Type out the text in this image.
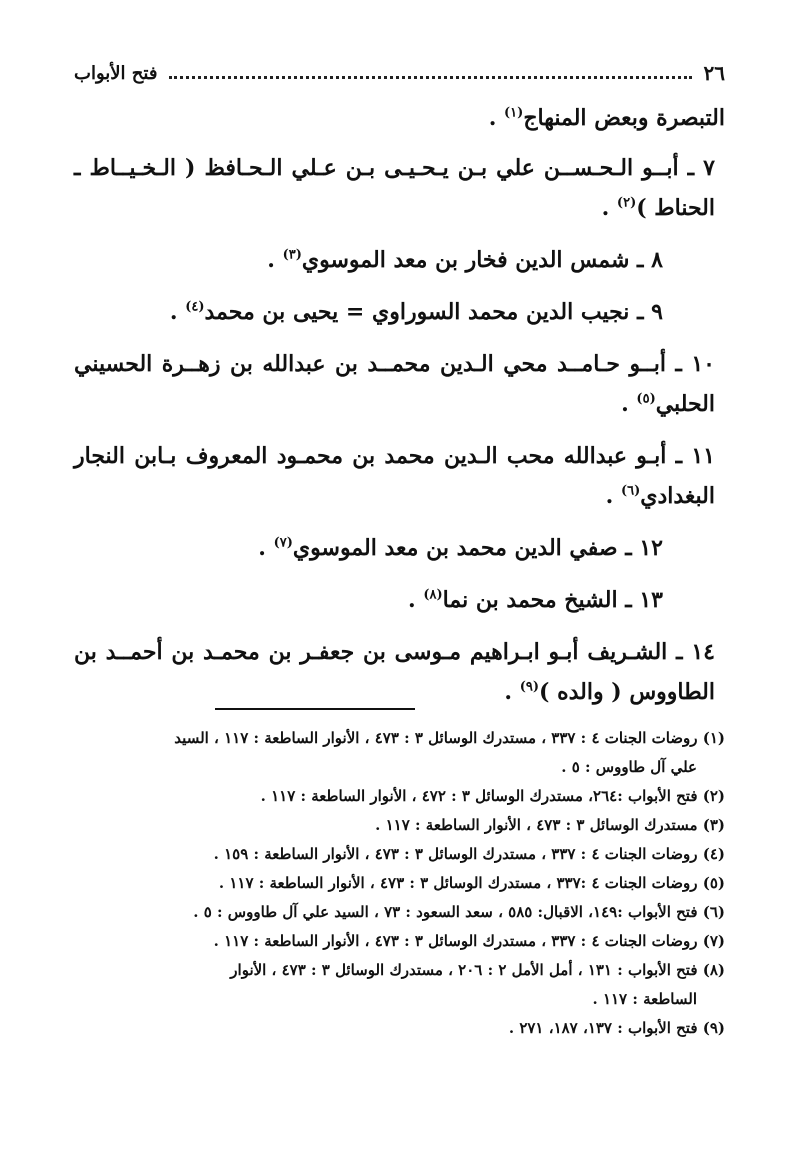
٢٦
فتح الأبواب

التبصرة وبعض المنهاج$^{(١)}$ .

٧ ـ أبــو الـحـســن علي بـن يـحـيـى بـن عـلي الـحـافظ ( الـخـيــاط ـ الحناط )$^{(٢)}$ .

٨ ـ شمس الدين فخار بن معد الموسوي$^{(٣)}$ .

٩ ـ نجيب الدين محمد السوراوي = يحيى بن محمد$^{(٤)}$ .

١٠ ـ أبــو حـامــد محي الـدين محمــد بن عبدالله بن زهــرة الحسيني الحلبي$^{(٥)}$ .

١١ ـ أبـو عبدالله محب الـدين محمد بن محمـود المعروف بـابن النجار البغدادي$^{(٦)}$ .

١٢ ـ صفي الدين محمد بن معد الموسوي$^{(٧)}$ .

١٣ ـ الشيخ محمد بن نما$^{(٨)}$ .

١٤ ـ الشـريف أبـو ابـراهيم مـوسى بن جعفـر بن محمـد بن أحمــد بن الطاووس ( والده )$^{(٩)}$ .

(١) روضات الجنات ٤ : ٣٣٧ ، مستدرك الوسائل ٣ : ٤٧٣ ، الأنوار الساطعة : ١١٧ ، السيد

علي آل طاووس : ٥ .

(٢) فتح الأبواب :٢٦٤، مستدرك الوسائل ٣ : ٤٧٢ ، الأنوار الساطعة : ١١٧ .

(٣) مستدرك الوسائل ٣ : ٤٧٣ ، الأنوار الساطعة : ١١٧ .

(٤) روضات الجنات ٤ : ٣٣٧ ، مستدرك الوسائل ٣ : ٤٧٣ ، الأنوار الساطعة : ١٥٩ .

(٥) روضات الجنات ٤ :٣٣٧ ، مستدرك الوسائل ٣ : ٤٧٣ ، الأنوار الساطعة : ١١٧ .

(٦) فتح الأبواب :١٤٩، الاقبال: ٥٨٥ ، سعد السعود : ٧٣ ، السيد علي آل طاووس : ٥ .

(٧) روضات الجنات ٤ : ٣٣٧ ، مستدرك الوسائل ٣ : ٤٧٣ ، الأنوار الساطعة : ١١٧ .

(٨) فتح الأبواب : ١٣١ ، أمل الأمل ٢ : ٢٠٦ ، مستدرك الوسائل ٣ : ٤٧٣ ، الأنوار

الساطعة : ١١٧ .

(٩) فتح الأبواب : ١٣٧، ١٨٧، ٢٧١ .
